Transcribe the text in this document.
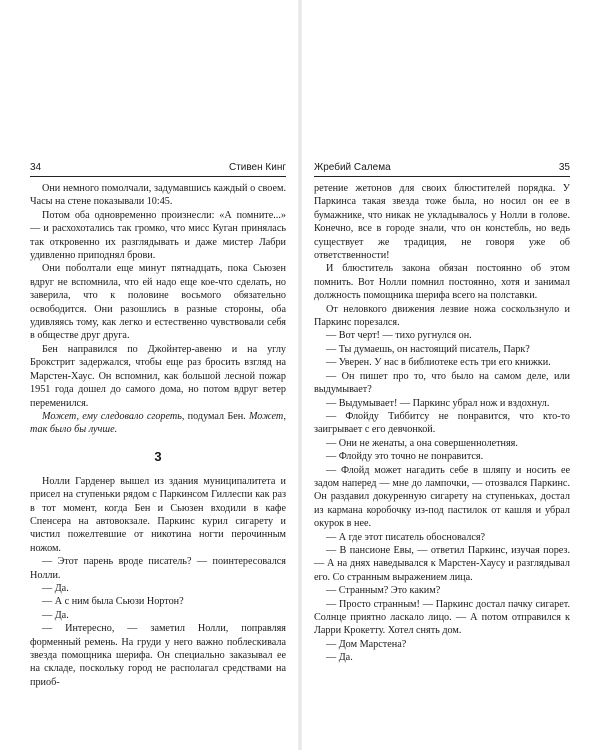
34	Стивен Кинг

Они немного помолчали, задумавшись каждый о своем. Часы на стене показывали 10:45.

Потом оба одновременно произнесли: «А помните...» — и расхохотались так громко, что мисс Куган принялась так откровенно их разглядывать и даже мистер Лабри удивленно приподнял брови.

Они поболтали еще минут пятнадцать, пока Сьюзен вдруг не вспомнила, что ей надо еще кое-что сделать, но заверила, что к половине восьмого обязательно освободится. Они разошлись в разные стороны, оба удивляясь тому, как легко и естественно чувствовали себя в обществе друг друга.

Бен направился по Джойнтер-авеню и на углу Брокстрит задержался, чтобы еще раз бросить взгляд на Марстен-Хаус. Он вспомнил, как большой лесной пожар 1951 года дошел до самого дома, но потом вдруг ветер переменился.

Может, ему следовало сгореть, подумал Бен. Может, так было бы лучше.

3

Нолли Гарденер вышел из здания муниципалитета и присел на ступеньки рядом с Паркинсом Гиллеспи как раз в тот момент, когда Бен и Сьюзен входили в кафе Спенсера на автовокзале. Паркинс курил сигарету и чистил пожелтевшие от никотина ногти перочинным ножом.

— Этот парень вроде писатель? — поинтересовался Нолли.

— Да.

— А с ним была Сьюзи Нортон?

— Да.

— Интересно, — заметил Нолли, поправляя форменный ремень. На груди у него важно поблескивала звезда помощника шерифа. Он специально заказывал ее на складе, поскольку город не располагал средствами на приоб-

Жребий Салема	35

ретение жетонов для своих блюстителей порядка. У Паркинса такая звезда тоже была, но носил он ее в бумажнике, что никак не укладывалось у Нолли в голове. Конечно, все в городе знали, что он констебль, но ведь существует же традиция, не говоря уже об ответственности!

И блюститель закона обязан постоянно об этом помнить. Вот Нолли помнил постоянно, хотя и занимал должность помощника шерифа всего на полставки.

От неловкого движения лезвие ножа соскользнуло и Паркинс порезался.

— Вот черт! — тихо ругнулся он.

— Ты думаешь, он настоящий писатель, Парк?

— Уверен. У нас в библиотеке есть три его книжки.

— Он пишет про то, что было на самом деле, или выдумывает?

— Выдумывает! — Паркинс убрал нож и вздохнул.

— Флойду Тиббитсу не понравится, что кто-то заигрывает с его девчонкой.

— Они не женаты, а она совершеннолетняя.

— Флойду это точно не понравится.

— Флойд может нагадить себе в шляпу и носить ее задом наперед — мне до лампочки, — отозвался Паркинс. Он раздавил докуренную сигарету на ступеньках, достал из кармана коробочку из-под пастилок от кашля и убрал окурок в нее.

— А где этот писатель обосновался?

— В пансионе Евы, — ответил Паркинс, изучая порез. — А на днях наведывался к Марстен-Хаусу и разглядывал его. Со странным выражением лица.

— Странным? Это каким?

— Просто странным! — Паркинс достал пачку сигарет. Солнце приятно ласкало лицо. — А потом отправился к Ларри Крокетту. Хотел снять дом.

— Дом Марстена?

— Да.
